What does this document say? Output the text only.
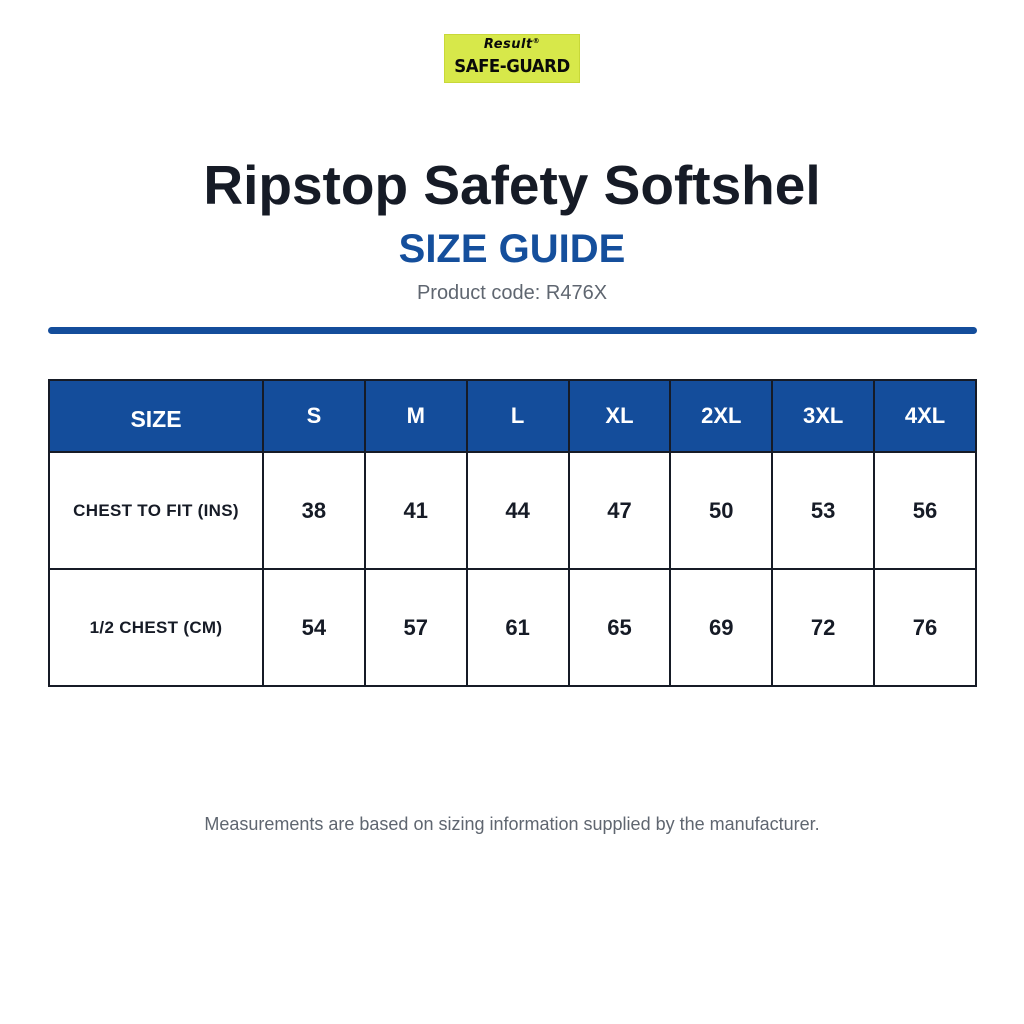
Result®
SAFE-GUARD
Ripstop Safety Softshel
SIZE GUIDE
Product code: R476X
SIZE	S	M	L	XL	2XL	3XL	4XL
CHEST TO FIT (INS)	38	41	44	47	50	53	56
1/2 CHEST (CM)	54	57	61	65	69	72	76
Measurements are based on sizing information supplied by the manufacturer.
